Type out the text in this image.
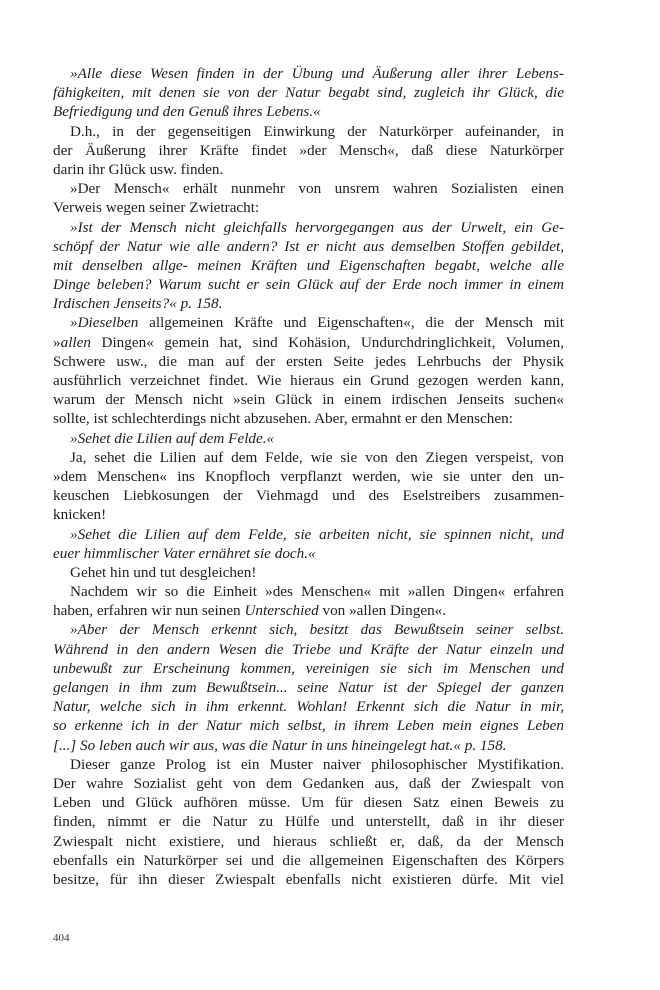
»Alle diese Wesen finden in der Übung und Äußerung aller ihrer Lebens-
fähigkeiten, mit denen sie von der Natur begabt sind, zugleich ihr Glück, die
Befriedigung und den Genuß ihres Lebens.«
D.h., in der gegenseitigen Einwirkung der Naturkörper aufeinander, in
der Äußerung ihrer Kräfte findet »der Mensch«, daß diese Naturkörper
darin ihr Glück usw. finden.
»Der Mensch« erhält nunmehr von unsrem wahren Sozialisten einen
Verweis wegen seiner Zwietracht:
»Ist der Mensch nicht gleichfalls hervorgegangen aus der Urwelt, ein Ge-
schöpf der Natur wie alle andern? Ist er nicht aus demselben Stoffen gebildet,
mit denselben allge- meinen Kräften und Eigenschaften begabt, welche alle
Dinge beleben? Warum sucht er sein Glück auf der Erde noch immer in einem
Irdischen Jenseits?« p. 158.
»Dieselben allgemeinen Kräfte und Eigenschaften«, die der Mensch mit
»allen Dingen« gemein hat, sind Kohäsion, Undurchdringlichkeit, Volumen,
Schwere usw., die man auf der ersten Seite jedes Lehrbuchs der Physik
ausführlich verzeichnet findet. Wie hieraus ein Grund gezogen werden kann,
warum der Mensch nicht »sein Glück in einem irdischen Jenseits suchen«
sollte, ist schlechterdings nicht abzusehen. Aber, ermahnt er den Menschen:
»Sehet die Lilien auf dem Felde.«
Ja, sehet die Lilien auf dem Felde, wie sie von den Ziegen verspeist, von
»dem Menschen« ins Knopfloch verpflanzt werden, wie sie unter den un-
keuschen Liebkosungen der Viehmagd und des Eselstreibers zusammen-
knicken!
»Sehet die Lilien auf dem Felde, sie arbeiten nicht, sie spinnen nicht, und
euer himmlischer Vater ernähret sie doch.«
Gehet hin und tut desgleichen!
Nachdem wir so die Einheit »des Menschen« mit »allen Dingen« erfahren
haben, erfahren wir nun seinen Unterschied von »allen Dingen«.
»Aber der Mensch erkennt sich, besitzt das Bewußtsein seiner selbst.
Während in den andern Wesen die Triebe und Kräfte der Natur einzeln und
unbewußt zur Erscheinung kommen, vereinigen sie sich im Menschen und
gelangen in ihm zum Bewußtsein... seine Natur ist der Spiegel der ganzen
Natur, welche sich in ihm erkennt. Wohlan! Erkennt sich die Natur in mir,
so erkenne ich in der Natur mich selbst, in ihrem Leben mein eignes Leben
[...] So leben auch wir aus, was die Natur in uns hineingelegt hat.« p. 158.
Dieser ganze Prolog ist ein Muster naiver philosophischer Mystifikation.
Der wahre Sozialist geht von dem Gedanken aus, daß der Zwiespalt von
Leben und Glück aufhören müsse. Um für diesen Satz einen Beweis zu
finden, nimmt er die Natur zu Hülfe und unterstellt, daß in ihr dieser
Zwiespalt nicht existiere, und hieraus schließt er, daß, da der Mensch
ebenfalls ein Naturkörper sei und die allgemeinen Eigenschaften des Körpers
besitze, für ihn dieser Zwiespalt ebenfalls nicht existieren dürfe. Mit viel
404
